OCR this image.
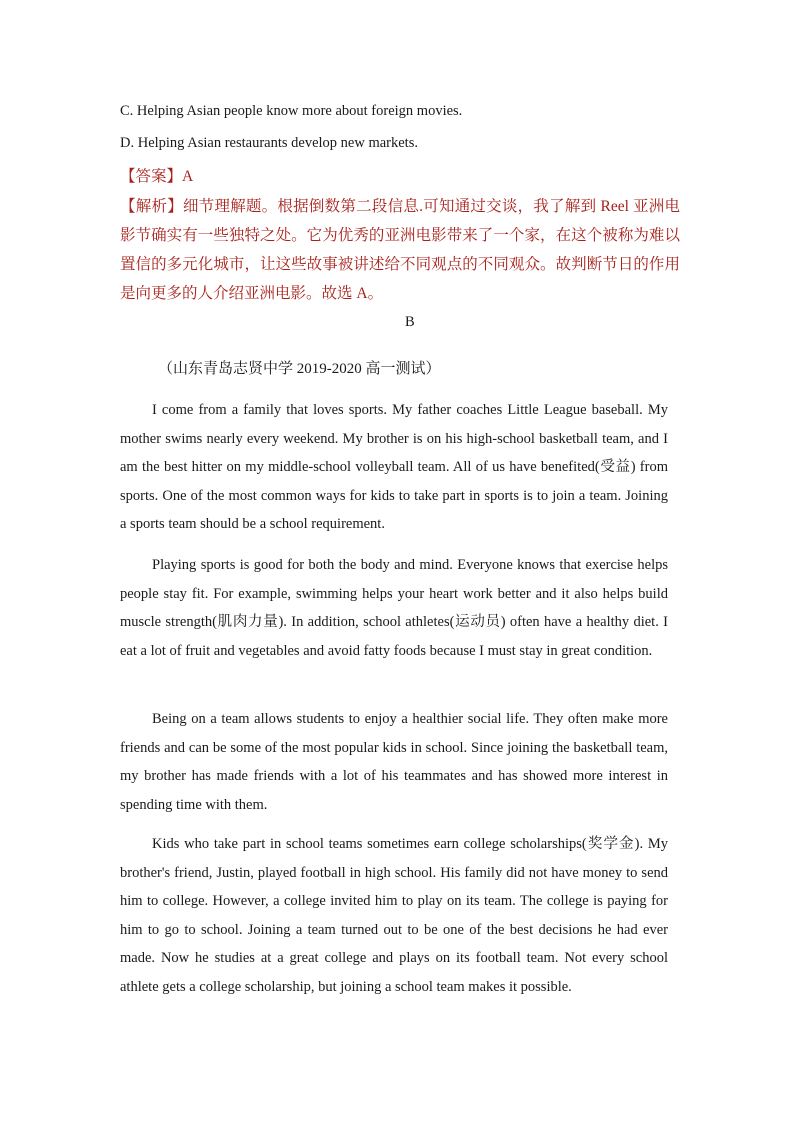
C. Helping Asian people know more about foreign movies.
D. Helping Asian restaurants develop new markets.
【答案】A

【解析】细节理解题。根据倒数第二段信息.可知通过交谈，我了解到 Reel 亚洲电影节确实有一些独特之处。它为优秀的亚洲电影带来了一个家，在这个被称为难以置信的多元化城市，让这些故事被讲述给不同观点的不同观众。故判断节日的作用是向更多的人介绍亚洲电影。故选 A。

B
（山东青岛志贤中学 2019-2020 高一测试）

I come from a family that loves sports. My father coaches Little League baseball. My mother swims nearly every weekend. My brother is on his high-school basketball team, and I am the best hitter on my middle-school volleyball team. All of us have benefited(受益) from sports. One of the most common ways for kids to take part in sports is to join a team. Joining a sports team should be a school requirement.

Playing sports is good for both the body and mind. Everyone knows that exercise helps people stay fit. For example, swimming helps your heart work better and it also helps build muscle strength(肌肉力量). In addition, school athletes(运动员) often have a healthy diet. I eat a lot of fruit and vegetables and avoid fatty foods because I must stay in great condition.

Being on a team allows students to enjoy a healthier social life. They often make more friends and can be some of the most popular kids in school. Since joining the basketball team, my brother has made friends with a lot of his teammates and has showed more interest in spending time with them.

Kids who take part in school teams sometimes earn college scholarships(奖学金). My brother's friend, Justin, played football in high school. His family did not have money to send him to college. However, a college invited him to play on its team. The college is paying for him to go to school. Joining a team turned out to be one of the best decisions he had ever made. Now he studies at a great college and plays on its football team. Not every school athlete gets a college scholarship, but joining a school team makes it possible.
